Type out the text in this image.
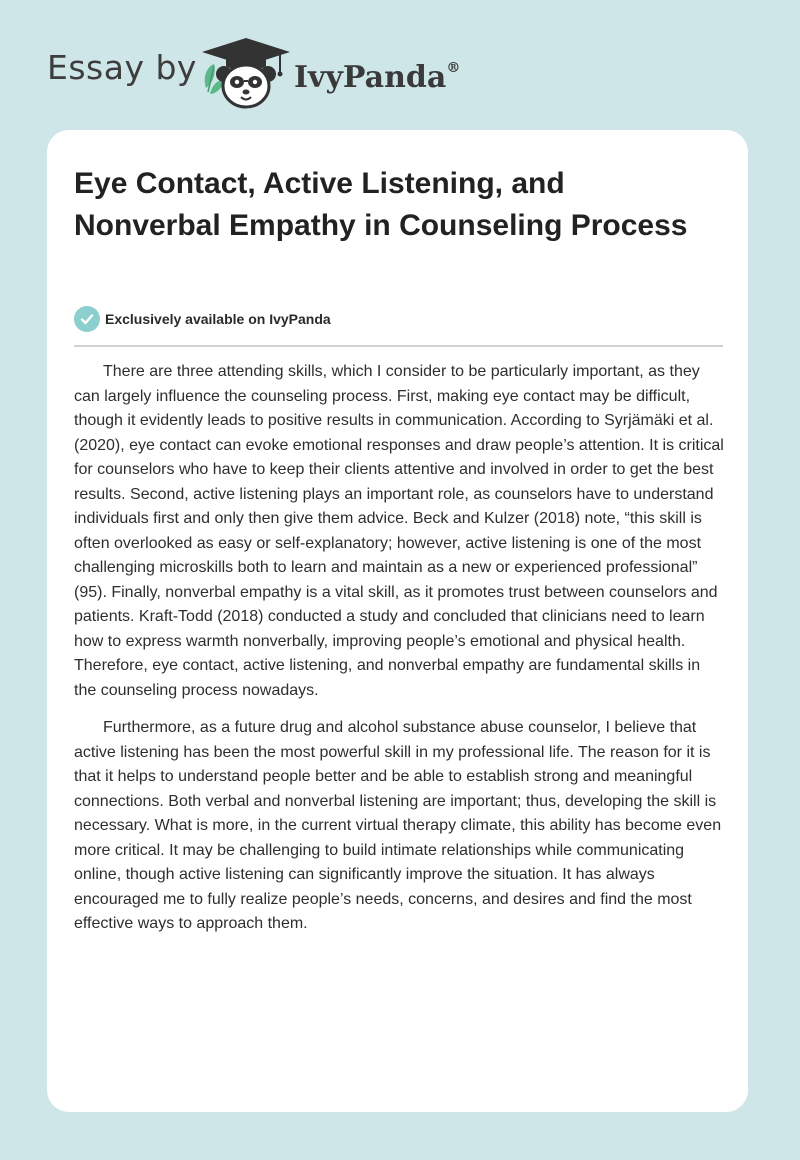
Essay by	IvyPanda®
Eye Contact, Active Listening, and Nonverbal Empathy in Counseling Process
Exclusively available on IvyPanda

There are three attending skills, which I consider to be particularly important, as they can largely influence the counseling process. First, making eye contact may be difficult, though it evidently leads to positive results in communication. According to Syrjämäki et al. (2020), eye contact can evoke emotional responses and draw people’s attention. It is critical for counselors who have to keep their clients attentive and involved in order to get the best results. Second, active listening plays an important role, as counselors have to understand individuals first and only then give them advice. Beck and Kulzer (2018) note, “this skill is often overlooked as easy or self-explanatory; however, active listening is one of the most challenging microskills both to learn and maintain as a new or experienced professional” (95). Finally, nonverbal empathy is a vital skill, as it promotes trust between counselors and patients. Kraft-Todd (2018) conducted a study and concluded that clinicians need to learn how to express warmth nonverbally, improving people’s emotional and physical health. Therefore, eye contact, active listening, and nonverbal empathy are fundamental skills in the counseling process nowadays.

Furthermore, as a future drug and alcohol substance abuse counselor, I believe that active listening has been the most powerful skill in my professional life. The reason for it is that it helps to understand people better and be able to establish strong and meaningful connections. Both verbal and nonverbal listening are important; thus, developing the skill is necessary. What is more, in the current virtual therapy climate, this ability has become even more critical. It may be challenging to build intimate relationships while communicating online, though active listening can significantly improve the situation. It has always encouraged me to fully realize people’s needs, concerns, and desires and find the most effective ways to approach them.
